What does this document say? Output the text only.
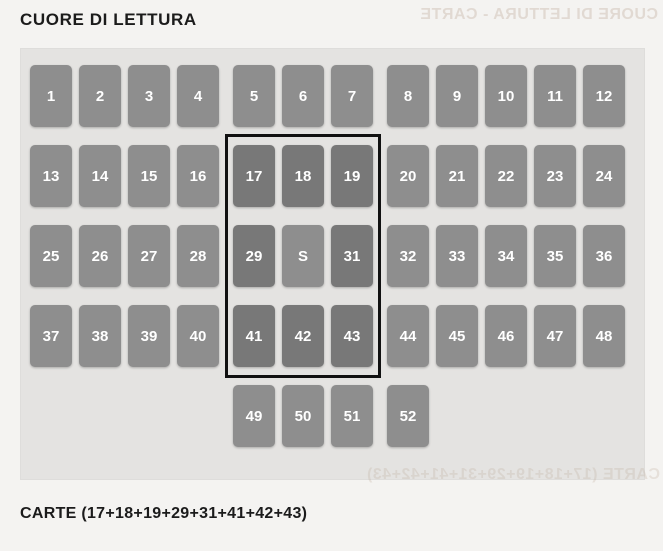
CUORE DI LETTURA - CARTE
CUORE DI LETTURA
1	2	3	4	5	6	7	8	9	10	11	12
13	14	15	16	17	18	19	20	21	22	23	24
25	26	27	28	29	S	31	32	33	34	35	36
37	38	39	40	41	42	43	44	45	46	47	48
49	50	51	52
CARTE (17+18+19+29+31+41+42+43)
CARTE (17+18+19+29+31+41+42+43)
